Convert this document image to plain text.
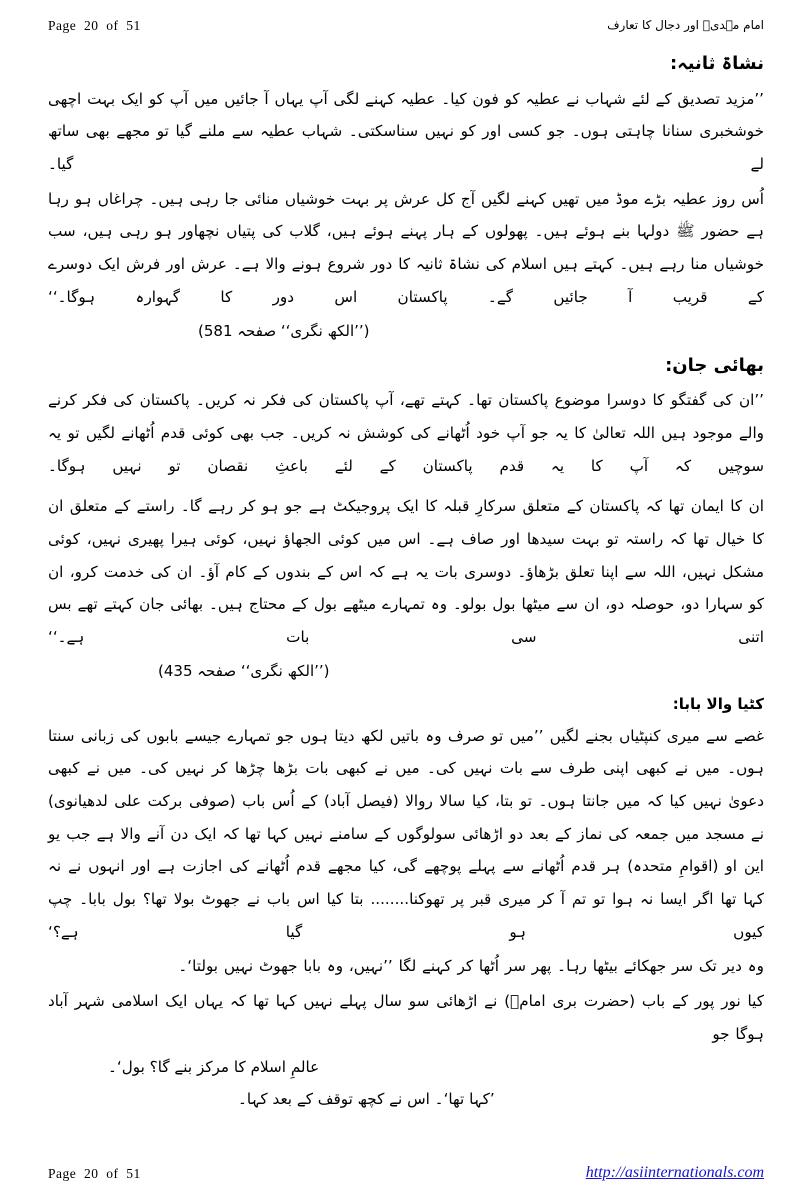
Page  20  of  51	امام مہدیؑ اور دجال کا تعارف
نشاۃ ثانیہ:

’’مزید تصدیق کے لئے شہاب نے عطیہ کو فون کیا۔ عطیہ کہنے لگی آپ یہاں آ جائیں میں آپ کو ایک بہت اچھی خوشخبری سنانا چاہتی ہوں۔ جو کسی اور کو نہیں سناسکتی۔ شہاب عطیہ سے ملنے گیا تو مجھے بھی ساتھ لے گیا۔

اُس روز عطیہ بڑے موڈ میں تھیں کہنے لگیں آج کل عرش پر بہت خوشیاں منائی جا رہی ہیں۔ چراغاں ہو رہا ہے حضور ﷺ دولہا بنے ہوئے ہیں۔ پھولوں کے ہار پہنے ہوئے ہیں، گلاب کی پتیاں نچھاور ہو رہی ہیں، سب خوشیاں منا رہے ہیں۔ کہتے ہیں اسلام کی نشاۃ ثانیہ کا دور شروع ہونے والا ہے۔ عرش اور فرش ایک دوسرے کے قریب آ جائیں گے۔ پاکستان اس دور کا گہوارہ ہوگا۔‘‘

(’’الکھ نگری‘‘ صفحہ 581)
بھائی جان:

’’ان کی گفتگو کا دوسرا موضوع پاکستان تھا۔ کہتے تھے، آپ پاکستان کی فکر نہ کریں۔ پاکستان کی فکر کرنے والے موجود ہیں اللہ تعالیٰ کا یہ جو آپ خود اُٹھانے کی کوشش نہ کریں۔ جب بھی کوئی قدم اُٹھانے لگیں تو یہ سوچیں کہ آپ کا یہ قدم پاکستان کے لئے باعثِ نقصان تو نہیں ہوگا۔

ان کا ایمان تھا کہ پاکستان کے متعلق سرکارِ قبلہ کا ایک پروجیکٹ ہے جو ہو کر رہے گا۔ راستے کے متعلق ان کا خیال تھا کہ راستہ تو بہت سیدھا اور صاف ہے۔ اس میں کوئی الجھاؤ نہیں، کوئی ہیرا پھیری نہیں، کوئی مشکل نہیں، اللہ سے اپنا تعلق بڑھاؤ۔ دوسری بات یہ ہے کہ اس کے بندوں کے کام آؤ۔ ان کی خدمت کرو، ان کو سہارا دو، حوصلہ دو، ان سے میٹھا بول بولو۔ وہ تمہارے میٹھے بول کے محتاج ہیں۔ بھائی جان کہتے تھے بس اتنی سی بات ہے۔‘‘

(’’الکھ نگری‘‘ صفحہ 435)
کٹیا والا بابا:

غصے سے میری کنپٹیاں بجنے لگیں ’’میں تو صرف وہ باتیں لکھ دیتا ہوں جو تمہارے جیسے بابوں کی زبانی سنتا ہوں۔ میں نے کبھی اپنی طرف سے بات نہیں کی۔ میں نے کبھی بات بڑھا چڑھا کر نہیں کی۔ میں نے کبھی دعویٰ نہیں کیا کہ میں جانتا ہوں۔ تو بتا، کیا سالا روالا (فیصل آباد) کے اُس باب (صوفی برکت علی لدھیانوی) نے مسجد میں جمعہ کی نماز کے بعد دو اڑھائی سولوگوں کے سامنے نہیں کہا تھا کہ ایک دن آنے والا ہے جب یو این او (اقوامِ متحدہ) ہر قدم اُٹھانے سے پہلے پوچھے گی، کیا مجھے قدم اُٹھانے کی اجازت ہے اور انہوں نے نہ کہا تھا اگر ایسا نہ ہوا تو تم آ کر میری قبر پر تھوکنا........ بتا کیا اس باب نے جھوٹ بولا تھا؟ بول بابا۔ چپ کیوں ہو گیا ہے؟‘

وہ دیر تک سر جھکائے بیٹھا رہا۔ پھر سر اُٹھا کر کہنے لگا ’’نہیں، وہ بابا جھوٹ نہیں بولتا‘۔

کیا نور پور کے باب (حضرت بری امامؒ) نے اڑھائی سو سال پہلے نہیں کہا تھا کہ یہاں ایک اسلامی شہر آباد ہوگا جو

عالمِ اسلام کا مرکز بنے گا؟ بول‘۔
’کہا تھا‘۔ اس نے کچھ توقف کے بعد کہا۔
Page  20  of  51	http://asiinternationals.com
